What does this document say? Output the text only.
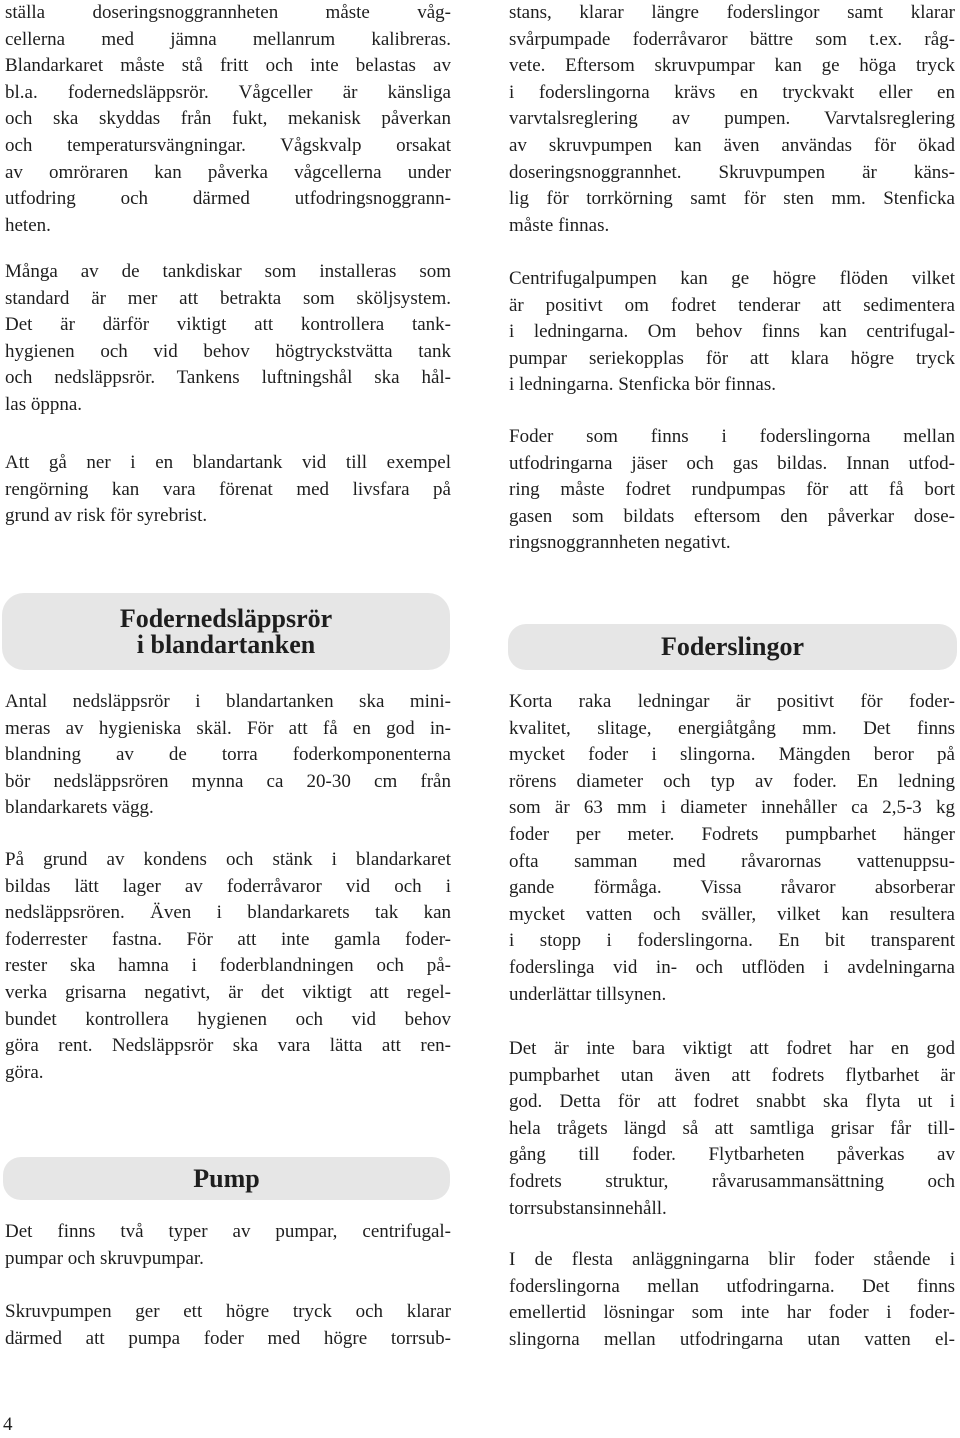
ställa doseringsnoggrannheten måste våg-
cellerna med jämna mellanrum kalibreras.
Blandarkaret måste stå fritt och inte belastas av
bl.a. fodernedsläppsrör. Vågceller är känsliga
och ska skyddas från fukt, mekanisk påverkan
och temperatursvängningar. Vågskvalp orsakat
av omröraren kan påverka vågcellerna under
utfodring och därmed utfodringsnoggrann-
heten.
Många av de tankdiskar som installeras som
standard är mer att betrakta som sköljsystem.
Det är därför viktigt att kontrollera tank-
hygienen och vid behov högtryckstvätta tank
och nedsläppsrör. Tankens luftningshål ska hål-
las öppna.
Att gå ner i en blandartank vid till exempel
rengörning kan vara förenat med livsfara på
grund av risk för syrebrist.
Fodernedsläppsrör
i blandartanken
Antal nedsläppsrör i blandartanken ska mini-
meras av hygieniska skäl. För att få en god in-
blandning av de torra foderkomponenterna
bör nedsläppsrören mynna ca 20-30 cm från
blandarkarets vägg.
På grund av kondens och stänk i blandarkaret
bildas lätt lager av foderråvaror vid och i
nedsläppsrören. Även i blandarkarets tak kan
foderrester fastna. För att inte gamla foder-
rester ska hamna i foderblandningen och på-
verka grisarna negativt, är det viktigt att regel-
bundet kontrollera hygienen och vid behov
göra rent. Nedsläppsrör ska vara lätta att ren-
göra.
Pump
Det finns två typer av pumpar, centrifugal-
pumpar och skruvpumpar.
Skruvpumpen ger ett högre tryck och klarar
därmed att pumpa foder med högre torrsub-
stans, klarar längre foderslingor samt klarar
svårpumpade foderråvaror bättre som t.ex. råg-
vete. Eftersom skruvpumpar kan ge höga tryck
i foderslingorna krävs en tryckvakt eller en
varvtalsreglering av pumpen. Varvtalsreglering
av skruvpumpen kan även användas för ökad
doseringsnoggrannhet. Skruvpumpen är käns-
lig för torrkörning samt för sten mm. Stenficka
måste finnas.
Centrifugalpumpen kan ge högre flöden vilket
är positivt om fodret tenderar att sedimentera
i ledningarna. Om behov finns kan centrifugal-
pumpar seriekopplas för att klara högre tryck
i ledningarna. Stenficka bör finnas.
Foder som finns i foderslingorna mellan
utfodringarna jäser och gas bildas. Innan utfod-
ring måste fodret rundpumpas för att få bort
gasen som bildats eftersom den påverkar dose-
ringsnoggrannheten negativt.
Foderslingor
Korta raka ledningar är positivt för foder-
kvalitet, slitage, energiåtgång mm. Det finns
mycket foder i slingorna. Mängden beror på
rörens diameter och typ av foder. En ledning
som är 63 mm i diameter innehåller ca 2,5-3 kg
foder per meter. Fodrets pumpbarhet hänger
ofta samman med råvarornas vattenuppsu-
gande förmåga. Vissa råvaror absorberar
mycket vatten och sväller, vilket kan resultera
i stopp i foderslingorna. En bit transparent
foderslinga vid in- och utflöden i avdelningarna
underlättar tillsynen.
Det är inte bara viktigt att fodret har en god
pumpbarhet utan även att fodrets flytbarhet är
god. Detta för att fodret snabbt ska flyta ut i
hela trågets längd så att samtliga grisar får till-
gång till foder. Flytbarheten påverkas av
fodrets struktur, råvarusammansättning och
torrsubstansinnehåll.
I de flesta anläggningarna blir foder stående i
foderslingorna mellan utfodringarna. Det finns
emellertid lösningar som inte har foder i foder-
slingorna mellan utfodringarna utan vatten el-
4
